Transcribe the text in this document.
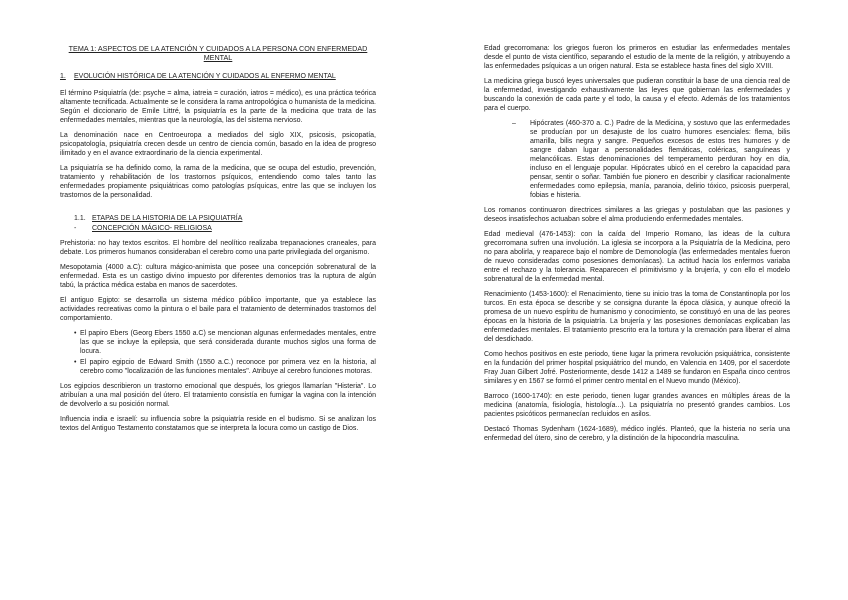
TEMA 1: ASPECTOS DE LA ATENCIÓN Y CUIDADOS A LA PERSONA CON ENFERMEDAD MENTAL
1.	EVOLUCIÓN HISTÓRICA DE LA ATENCIÓN Y CUIDADOS AL ENFERMO MENTAL

El término Psiquiatría (de: psyche = alma, iatreia = curación, iatros = médico), es una práctica teórica altamente tecnificada. Actualmente se le considera la rama antropológica o humanista de la medicina. Según el diccionario de Emile Littré, la psiquiatría es la parte de la medicina que trata de las enfermedades mentales, mientras que la neurología, las del sistema nervioso.

La denominación nace en Centroeuropa a mediados del siglo XIX, psicosis, psicopatía, psicopatología, psiquiatría crecen desde un centro de ciencia común, basado en la idea de progreso ilimitado y en el avance extraordinario de la ciencia experimental.

La psiquiatría se ha definido como, la rama de la medicina, que se ocupa del estudio, prevención, tratamiento y rehabilitación de los trastornos psíquicos, entendiendo como tales tanto las enfermedades propiamente psiquiátricas como patologías psíquicas, entre las que se incluyen los trastornos de la personalidad.

1.1. ETAPAS DE LA HISTORIA DE LA PSIQUIATRÍA
-	CONCEPCIÓN MÁGICO- RELIGIOSA

Prehistoria: no hay textos escritos. El hombre del neolítico realizaba trepanaciones craneales, para debate. Los primeros humanos consideraban el cerebro como una parte privilegiada del organismo.

Mesopotamia (4000 a.C): cultura mágico-animista que posee una concepción sobrenatural de la enfermedad. Esta es un castigo divino impuesto por diferentes demonios tras la ruptura de algún tabú, la práctica médica estaba en manos de sacerdotes.

El antiguo Egipto: se desarrolla un sistema médico público importante, que ya establece las actividades recreativas como la pintura o el baile para el tratamiento de determinados trastornos del comportamiento.

• El papiro Ebers (Georg Ebers 1550 a.C) se mencionan algunas enfermedades mentales, entre las que se incluye la epilepsia, que será considerada durante muchos siglos una forma de locura.
• El papiro egipcio de Edward Smith (1550 a.C.) reconoce por primera vez en la historia, al cerebro como "localización de las funciones mentales". Atribuye al cerebro funciones motoras.

Los egipcios describieron un trastorno emocional que después, los griegos llamarían "Histeria". Lo atribuían a una mal posición del útero. El tratamiento consistía en fumigar la vagina con la intención de devolverlo a su posición normal.

Influencia india e israelí: su influencia sobre la psiquiatría reside en el budismo. Si se analizan los textos del Antiguo Testamento constatamos que se interpreta la locura como un castigo de Dios.

Edad grecorromana: los griegos fueron los primeros en estudiar las enfermedades mentales desde el punto de vista científico, separando el estudio de la mente de la religión, y atribuyendo a las enfermedades psíquicas a un origen natural. Esta se establece hasta fines del siglo XVIII.

La medicina griega buscó leyes universales que pudieran constituir la base de una ciencia real de la enfermedad, investigando exhaustivamente las leyes que gobiernan las enfermedades y buscando la conexión de cada parte y el todo, la causa y el efecto. Además de los tratamientos para el cuerpo.

–	Hipócrates (460-370 a. C.) Padre de la Medicina, y sostuvo que las enfermedades se producían por un desajuste de los cuatro humores esenciales: flema, bilis amarilla, bilis negra y sangre. Pequeños excesos de estos tres humores y de sangre daban lugar a personalidades flemáticas, coléricas, sanguíneas y melancólicas. Estas denominaciones del temperamento perduran hoy en día, incluso en el lenguaje popular. Hipócrates ubicó en el cerebro la capacidad para pensar, sentir o soñar. También fue pionero en describir y clasificar racionalmente enfermedades como epilepsia, manía, paranoia, delirio tóxico, psicosis puerperal, fobias e histeria.

Los romanos continuaron directrices similares a las griegas y postulaban que las pasiones y deseos insatisfechos actuaban sobre el alma produciendo enfermedades mentales.

Edad medieval (476-1453): con la caída del Imperio Romano, las ideas de la cultura grecorromana sufren una involución. La iglesia se incorpora a la Psiquiatría de la Medicina, pero no para abolirla, y reaparece bajo el nombre de Demonología (las enfermedades mentales fueron de nuevo consideradas como posesiones demoníacas). La actitud hacia los enfermos variaba entre el rechazo y la tolerancia. Reaparecen el primitivismo y la brujería, y con ello el modelo sobrenatural de la enfermedad mental.

Renacimiento (1453-1600): el Renacimiento, tiene su inicio tras la toma de Constantinopla por los turcos. En esta época se describe y se consigna durante la época clásica, y aunque ofreció la promesa de un nuevo espíritu de humanismo y conocimiento, se constituyó en una de las peores épocas en la historia de la psiquiatría. La brujería y las posesiones demoníacas explicaban las enfermedades mentales. El tratamiento prescrito era la tortura y la cremación para liberar el alma del desdichado.

Como hechos positivos en este periodo, tiene lugar la primera revolución psiquiátrica, consistente en la fundación del primer hospital psiquiátrico del mundo, en Valencia en 1409, por el sacerdote Fray Juan Gilbert Jofré. Posteriormente, desde 1412 a 1489 se fundaron en España cinco centros similares y en 1567 se formó el primer centro mental en el Nuevo mundo (México).

Barroco (1600-1740): en este periodo, tienen lugar grandes avances en múltiples áreas de la medicina (anatomía, fisiología, histología...). La psiquiatría no presentó grandes cambios. Los pacientes psicóticos permanecían recluidos en asilos.

Destacó Thomas Sydenham (1624-1689), médico inglés. Planteó, que la histeria no sería una enfermedad del útero, sino de cerebro, y la distinción de la hipocondría masculina.
